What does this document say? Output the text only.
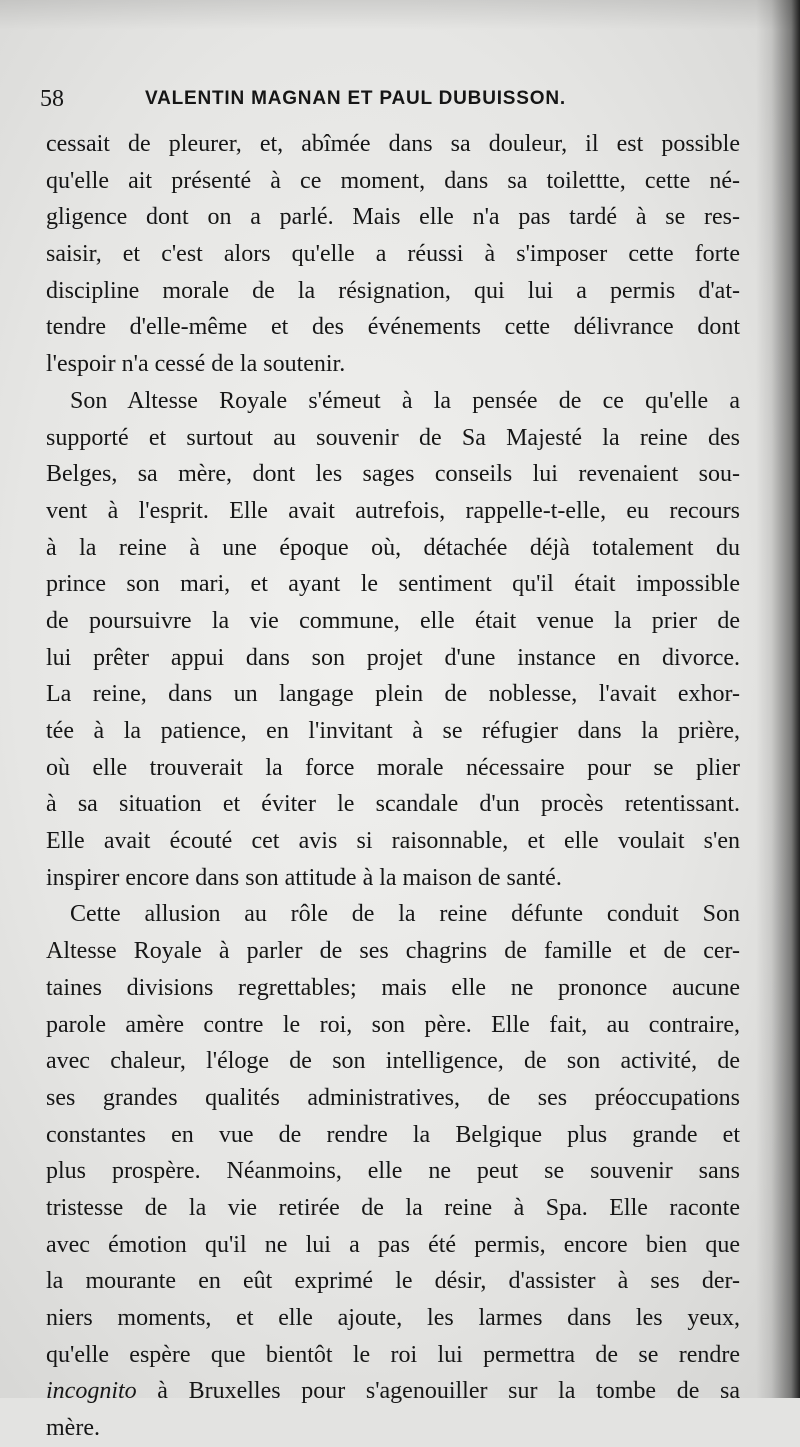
58	VALENTIN MAGNAN ET PAUL DUBUISSON.
cessait de pleurer, et, abîmée dans sa douleur, il est possible
qu'elle ait présenté à ce moment, dans sa toilettte, cette né-
gligence dont on a parlé. Mais elle n'a pas tardé à se res-
saisir, et c'est alors qu'elle a réussi à s'imposer cette forte
discipline morale de la résignation, qui lui a permis d'at-
tendre d'elle-même et des événements cette délivrance dont
l'espoir n'a cessé de la soutenir.
Son Altesse Royale s'émeut à la pensée de ce qu'elle a
supporté et surtout au souvenir de Sa Majesté la reine des
Belges, sa mère, dont les sages conseils lui revenaient sou-
vent à l'esprit. Elle avait autrefois, rappelle-t-elle, eu recours
à la reine à une époque où, détachée déjà totalement du
prince son mari, et ayant le sentiment qu'il était impossible
de poursuivre la vie commune, elle était venue la prier de
lui prêter appui dans son projet d'une instance en divorce.
La reine, dans un langage plein de noblesse, l'avait exhor-
tée à la patience, en l'invitant à se réfugier dans la prière,
où elle trouverait la force morale nécessaire pour se plier
à sa situation et éviter le scandale d'un procès retentissant.
Elle avait écouté cet avis si raisonnable, et elle voulait s'en
inspirer encore dans son attitude à la maison de santé.
Cette allusion au rôle de la reine défunte conduit Son
Altesse Royale à parler de ses chagrins de famille et de cer-
taines divisions regrettables; mais elle ne prononce aucune
parole amère contre le roi, son père. Elle fait, au contraire,
avec chaleur, l'éloge de son intelligence, de son activité, de
ses grandes qualités administratives, de ses préoccupations
constantes en vue de rendre la Belgique plus grande et
plus prospère. Néanmoins, elle ne peut se souvenir sans
tristesse de la vie retirée de la reine à Spa. Elle raconte
avec émotion qu'il ne lui a pas été permis, encore bien que
la mourante en eût exprimé le désir, d'assister à ses der-
niers moments, et elle ajoute, les larmes dans les yeux,
qu'elle espère que bientôt le roi lui permettra de se rendre
incognito à Bruxelles pour s'agenouiller sur la tombe de sa
mère.
